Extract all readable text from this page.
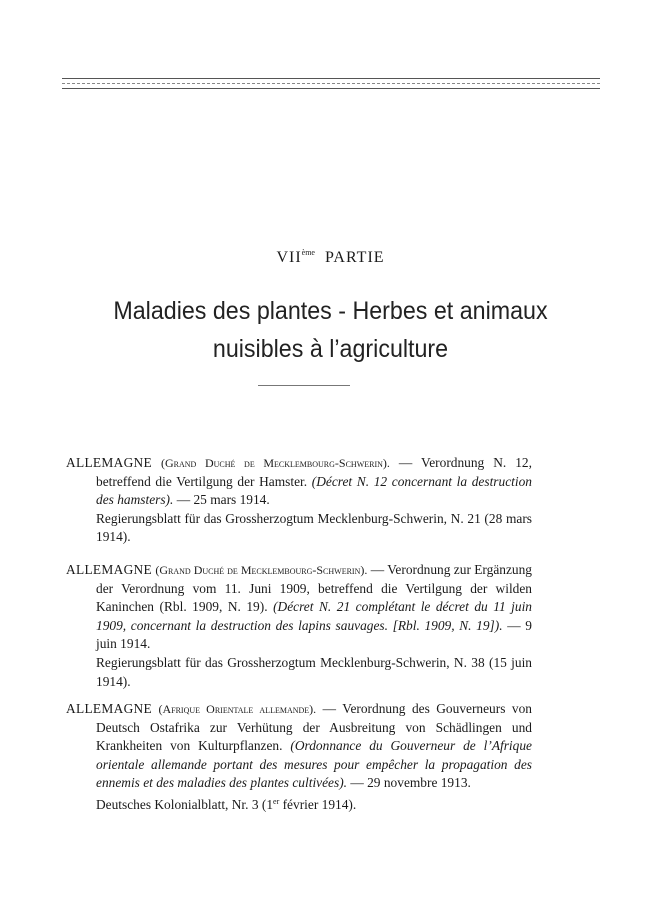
VIIème PARTIE
Maladies des plantes - Herbes et animaux
nuisibles à l’agriculture

ALLEMAGNE (Grand Duché de Mecklembourg-Schwerin). — Verordnung N. 12, betreffend die Vertilgung der Hamster. (Décret N. 12 concernant la destruction des hamsters). — 25 mars 1914.

Regierungsblatt für das Grossherzogtum Mecklenburg-Schwerin, N. 21 (28 mars 1914).

ALLEMAGNE (Grand Duché de Mecklembourg-Schwerin). — Verordnung zur Ergänzung der Verordnung vom 11. Juni 1909, betreffend die Vertilgung der wilden Kaninchen (Rbl. 1909, N. 19). (Décret N. 21 complétant le décret du 11 juin 1909, concernant la destruction des lapins sauvages. [Rbl. 1909, N. 19]). — 9 juin 1914.

Regierungsblatt für das Grossherzogtum Mecklenburg-Schwerin, N. 38 (15 juin 1914).

ALLEMAGNE (Afrique Orientale allemande). — Verordnung des Gouverneurs von Deutsch Ostafrika zur Verhütung der Ausbreitung von Schädlingen und Krankheiten von Kulturpflanzen. (Ordonnance du Gouverneur de l’Afrique orientale allemande portant des mesures pour empêcher la propagation des ennemis et des maladies des plantes cultivées). — 29 novembre 1913.

Deutsches Kolonialblatt, Nr. 3 (1er février 1914).
